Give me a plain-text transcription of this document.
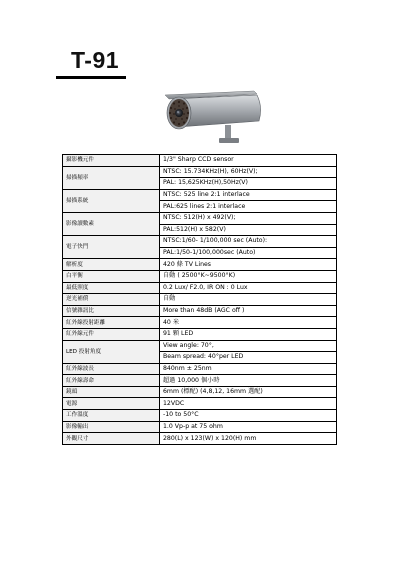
T-91
攝影機元件	1/3" Sharp CCD sensor
掃描頻率	NTSC: 15.734KHz(H), 60Hz(V);
	PAL: 15,625KHz(H),50Hz(V)
掃描系統	NTSC: 525 line 2:1 interlace
	PAL:625 lines 2:1 interlace
影像讀數素	NTSC: 512(H) x 492(V);
	PAL:512(H) x 582(V)
電子快門	NTSC:1/60- 1/100,000 sec (Auto):
	PAL:1/50-1/100,000sec (Auto)
解析度	420 條 TV Lines
白平衡	自動 ( 2500°K~9500°K)
最低照度	0.2 Lux/ F2.0, IR ON : 0 Lux
逆光補償	自動
信號雜訊比	More than 48dB (AGC off )
紅外線投射距離	40 米
紅外線元件	91 顆 LED
LED 投射角度	View angle: 70°,
	Beam spread: 40°per LED
紅外線波長	840nm ± 25nm
紅外線壽命	超過 10,000 個小時
鏡頭	6mm (標配) (4,8,12, 16mm 選配)
電源	12VDC
工作溫度	-10 to 50°C
影像輸出	1.0 Vp-p at 75 ohm
外觀尺寸	280(L) x 123(W) x 120(H) mm
